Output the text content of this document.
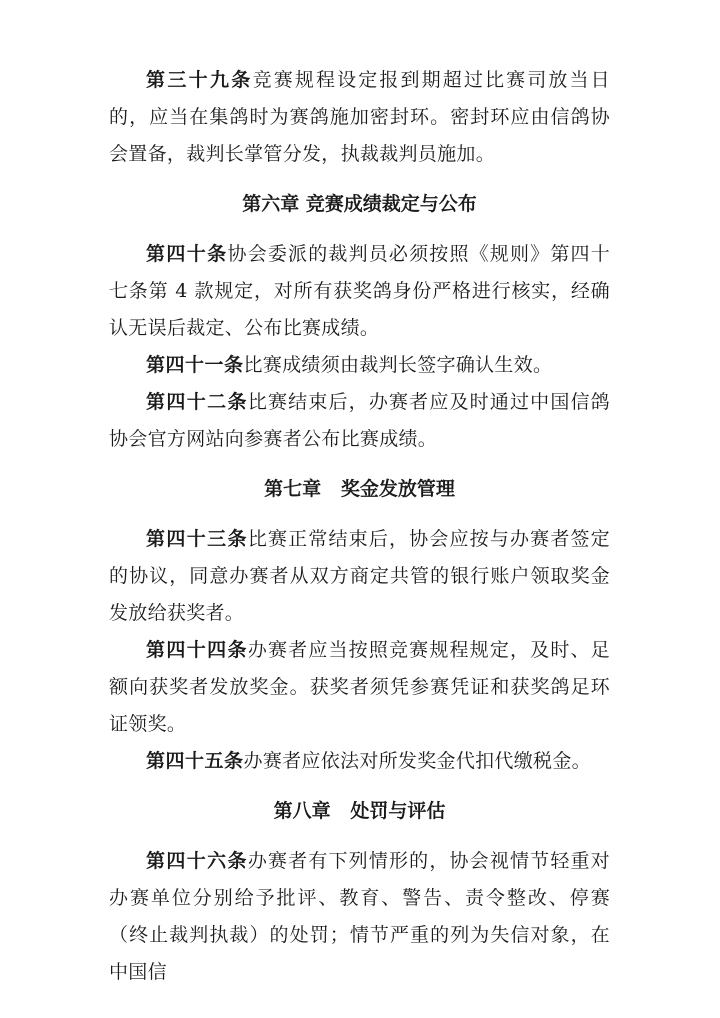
第三十九条竞赛规程设定报到期超过比赛司放当日的，应当在集鸽时为赛鸽施加密封环。密封环应由信鸽协会置备，裁判长掌管分发，执裁裁判员施加。

第六章 竞赛成绩裁定与公布

第四十条协会委派的裁判员必须按照《规则》第四十七条第 4 款规定，对所有获奖鸽身份严格进行核实，经确认无误后裁定、公布比赛成绩。

第四十一条比赛成绩须由裁判长签字确认生效。

第四十二条比赛结束后，办赛者应及时通过中国信鸽协会官方网站向参赛者公布比赛成绩。

第七章   奖金发放管理

第四十三条比赛正常结束后，协会应按与办赛者签定的协议，同意办赛者从双方商定共管的银行账户领取奖金发放给获奖者。

第四十四条办赛者应当按照竞赛规程规定，及时、足额向获奖者发放奖金。获奖者须凭参赛凭证和获奖鸽足环证领奖。

第四十五条办赛者应依法对所发奖金代扣代缴税金。

第八章   处罚与评估

第四十六条办赛者有下列情形的，协会视情节轻重对办赛单位分别给予批评、教育、警告、责令整改、停赛（终止裁判执裁）的处罚；情节严重的列为失信对象，在中国信
